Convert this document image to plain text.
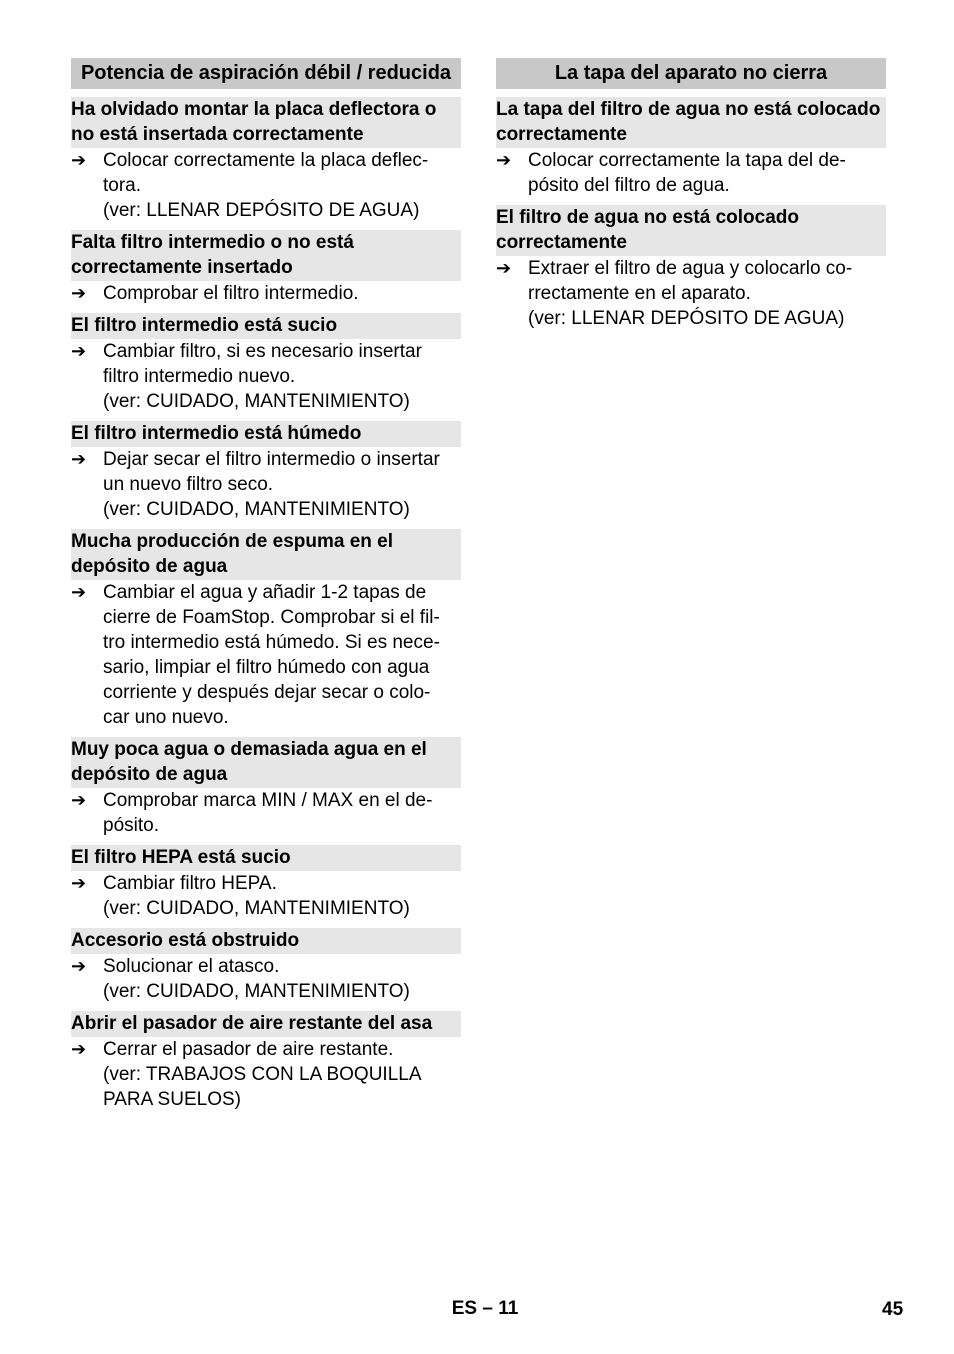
Potencia de aspiración débil / reducida
Ha olvidado montar la placa deflectora o no está insertada correctamente
➔ Colocar correctamente la placa deflec-
tora.
(ver: LLENAR DEPÓSITO DE AGUA)
Falta filtro intermedio o no está correctamente insertado
➔ Comprobar el filtro intermedio.
El filtro intermedio está sucio
➔ Cambiar filtro, si es necesario insertar
filtro intermedio nuevo.
(ver: CUIDADO, MANTENIMIENTO)
El filtro intermedio está húmedo
➔ Dejar secar el filtro intermedio o insertar
un nuevo filtro seco.
(ver: CUIDADO, MANTENIMIENTO)
Mucha producción de espuma en el depósito de agua
➔ Cambiar el agua y añadir 1-2 tapas de
cierre de FoamStop. Comprobar si el fil-
tro intermedio está húmedo. Si es nece-
sario, limpiar el filtro húmedo con agua
corriente y después dejar secar o colo-
car uno nuevo.
Muy poca agua o demasiada agua en el depósito de agua
➔ Comprobar marca MIN / MAX en el de-
pósito.
El filtro HEPA está sucio
➔ Cambiar filtro HEPA.
(ver: CUIDADO, MANTENIMIENTO)
Accesorio está obstruido
➔ Solucionar el atasco.
(ver: CUIDADO, MANTENIMIENTO)
Abrir el pasador de aire restante del asa
➔ Cerrar el pasador de aire restante.
(ver: TRABAJOS CON LA BOQUILLA
PARA SUELOS)
La tapa del aparato no cierra
La tapa del filtro de agua no está colocado correctamente
➔ Colocar correctamente la tapa del de-
pósito del filtro de agua.
El filtro de agua no está colocado correctamente
➔ Extraer el filtro de agua y colocarlo co-
rrectamente en el aparato.
(ver: LLENAR DEPÓSITO DE AGUA)
ES – 11	45
